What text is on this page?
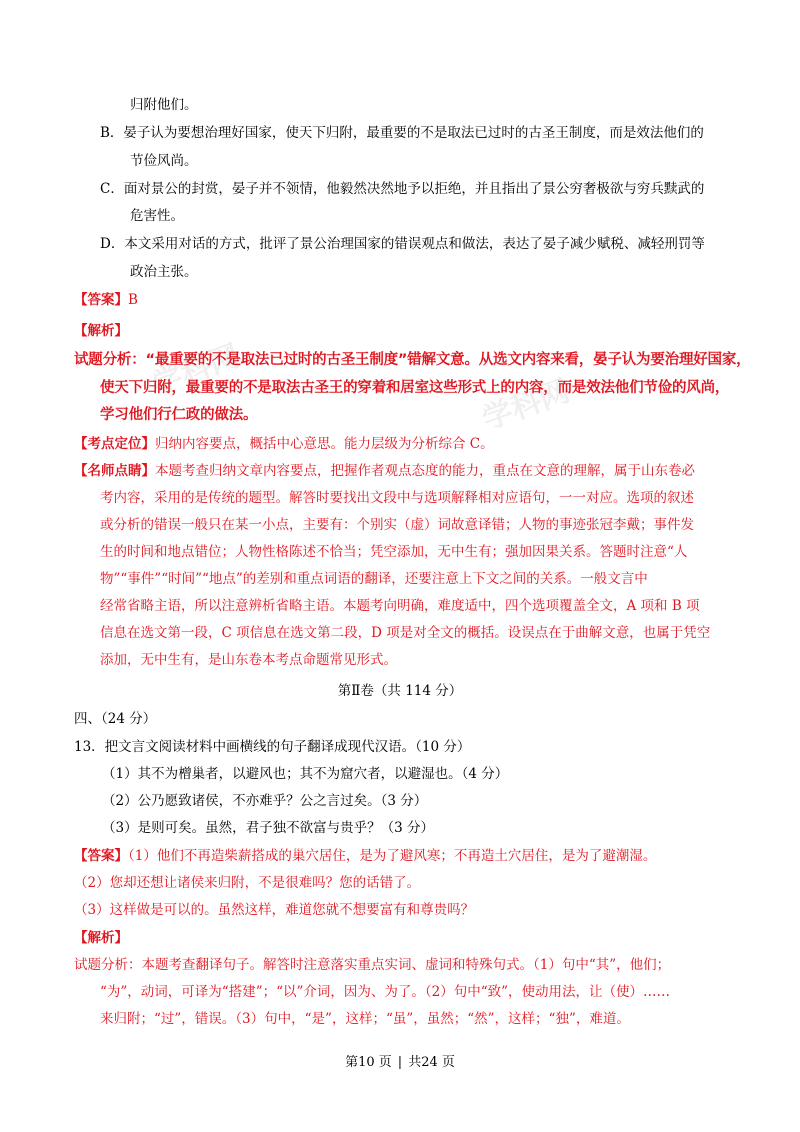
学科网
学科网
归附他们。
B．晏子认为要想治理好国家，使天下归附，最重要的不是取法已过时的古圣王制度，而是效法他们的
节俭风尚。
C．面对景公的封赏，晏子并不领情，他毅然决然地予以拒绝，并且指出了景公穷奢极欲与穷兵黩武的
危害性。
D．本文采用对话的方式，批评了景公治理国家的错误观点和做法，表达了晏子减少赋税、减轻刑罚等
政治主张。
【答案】B
【解析】
试题分析：“最重要的不是取法已过时的古圣王制度”错解文意。从选文内容来看，晏子认为要治理好国家，
使天下归附，最重要的不是取法古圣王的穿着和居室这些形式上的内容，而是效法他们节俭的风尚，
学习他们行仁政的做法。
【考点定位】归纳内容要点，概括中心意思。能力层级为分析综合 C。
【名师点睛】本题考查归纳文章内容要点，把握作者观点态度的能力，重点在文意的理解，属于山东卷必
考内容，采用的是传统的题型。解答时要找出文段中与选项解释相对应语句，一一对应。选项的叙述
或分析的错误一般只在某一小点，主要有：个别实（虚）词故意译错；人物的事迹张冠李戴；事件发
生的时间和地点错位；人物性格陈述不恰当；凭空添加，无中生有；强加因果关系。答题时注意“人
物”“事件”“时间”“地点”的差别和重点词语的翻译，还要注意上下文之间的关系。一般文言中
经常省略主语，所以注意辨析省略主语。本题考向明确，难度适中，四个选项覆盖全文，A 项和 B 项
信息在选文第一段，C 项信息在选文第二段，D 项是对全文的概括。设误点在于曲解文意，也属于凭空
添加，无中生有，是山东卷本考点命题常见形式。
第Ⅱ卷（共 114 分）
四、（24 分）
13．把文言文阅读材料中画横线的句子翻译成现代汉语。（10 分）
（1）其不为橧巢者，以避风也；其不为窟穴者，以避湿也。（4 分）
（2）公乃愿致诸侯，不亦难乎？公之言过矣。（3 分）
（3）是则可矣。虽然，君子独不欲富与贵乎？（3 分）
【答案】（1）他们不再造柴薪搭成的巢穴居住，是为了避风寒；不再造土穴居住，是为了避潮湿。
（2）您却还想让诸侯来归附，不是很难吗？您的话错了。
（3）这样做是可以的。虽然这样，难道您就不想要富有和尊贵吗？
【解析】
试题分析：本题考查翻译句子。解答时注意落实重点实词、虚词和特殊句式。（1）句中“其”，他们；
“为”，动词，可译为“搭建”；“以”介词，因为、为了。（2）句中“致”，使动用法，让（使）……
来归附；“过”，错误。（3）句中，“是”，这样；“虽”，虽然；“然”，这样；“独”，难道。
第10 页 | 共24 页
